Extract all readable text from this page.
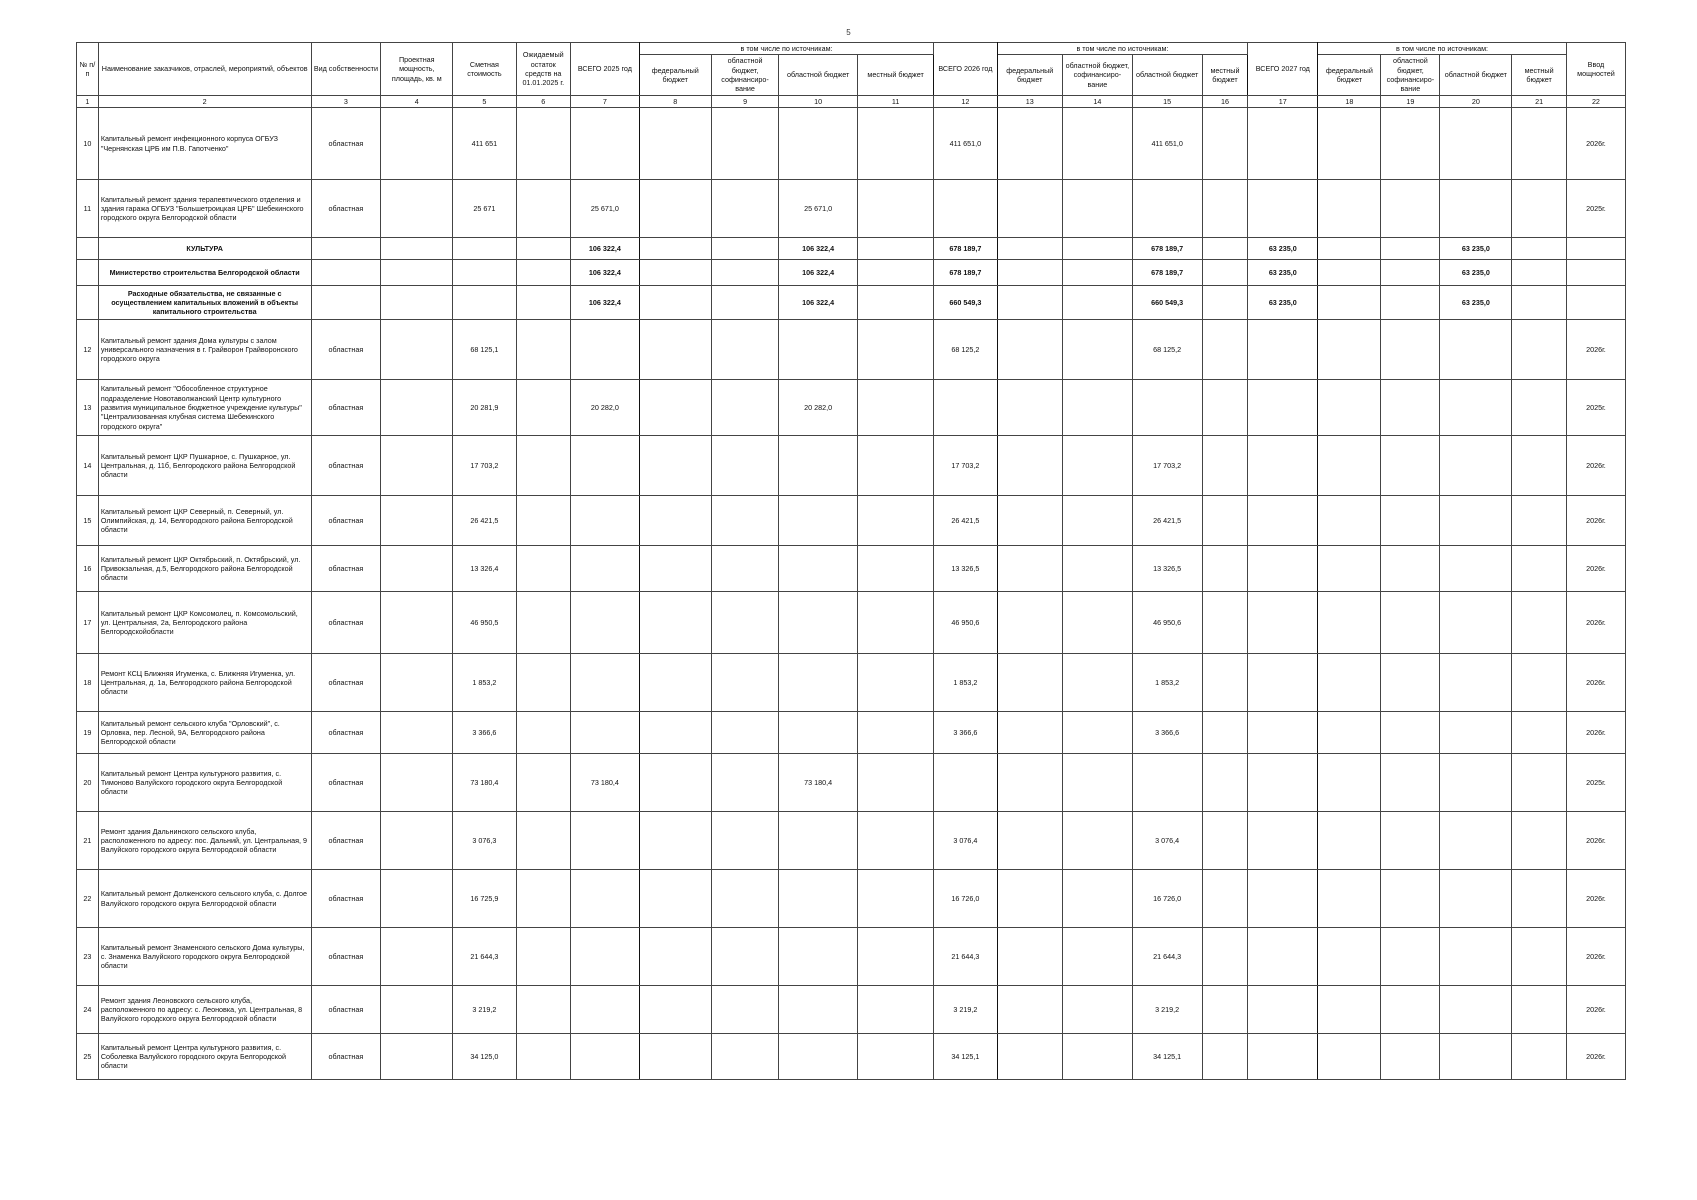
5
№ п/п	Наименование заказчиков, отраслей, мероприятий, объектов	Вид собственности	Проектная мощность, площадь, кв. м	Сметная стоимость	Ожидаемый остаток средств на 01.01.2025 г.	ВСЕГО 2025 год	в том числе по источникам:				ВСЕГО 2026 год	в том числе по источникам:				ВСЕГО 2027 год	в том числе по источникам:				Ввод мощностей
							федеральный бюджет	областной бюджет, софинансиро-вание	областной бюджет	местный бюджет		федеральный бюджет	областной бюджет, софинансиро-вание	областной бюджет	местный бюджет		федеральный бюджет	областной бюджет, софинансиро-вание	областной бюджет	местный бюджет	
1	2	3	4	5	6	7	8	9	10	11	12	13	14	15	16	17	18	19	20	21	22
10	Капитальный ремонт инфекционного корпуса ОГБУЗ "Чернянская ЦРБ им П.В. Гапотченко"	областная		411 651							411 651,0			411 651,0							2026г.
11	Капитальный ремонт здания терапевтического отделения и здания гаража ОГБУЗ "Большетроицкая ЦРБ" Шебекинского городского округа Белгородской области	областная		25 671		25 671,0			25 671,0												2025г.
	КУЛЬТУРА					106 322,4			106 322,4		678 189,7			678 189,7		63 235,0			63 235,0		
	Министерство строительства Белгородской области					106 322,4			106 322,4		678 189,7			678 189,7		63 235,0			63 235,0		
	Расходные обязательства, не связанные с осуществлением капитальных вложений в объекты капитального строительства					106 322,4			106 322,4		660 549,3			660 549,3		63 235,0			63 235,0		
12	Капитальный ремонт здания Дома культуры с залом универсального назначения в г. Грайворон Грайворонского городского округа	областная		68 125,1							68 125,2			68 125,2							2026г.
13	Капитальный ремонт "Обособленное структурное подразделение Новотаволжанский Центр культурного развития муниципальное бюджетное учреждение культуры" "Централизованная клубная система Шебекинского городского округа"	областная		20 281,9		20 282,0			20 282,0												2025г.
14	Капитальный ремонт ЦКР Пушкарное, с. Пушкарное, ул. Центральная, д. 11б, Белгородского района Белгородской области	областная		17 703,2							17 703,2			17 703,2							2026г.
15	Капитальный ремонт ЦКР Северный, п. Северный, ул. Олимпийская, д. 14, Белгородского района Белгородской области	областная		26 421,5							26 421,5			26 421,5							2026г.
16	Капитальный ремонт ЦКР Октябрьский, п. Октябрьский, ул. Привокзальная, д.5, Белгородского района Белгородской области	областная		13 326,4							13 326,5			13 326,5							2026г.
17	Капитальный ремонт ЦКР Комсомолец, п. Комсомольский, ул. Центральная, 2а, Белгородского района Белгородскойобласти	областная		46 950,5							46 950,6			46 950,6							2026г.
18	Ремонт КСЦ Ближняя Игуменка, с. Ближняя Игуменка, ул. Центральная, д. 1а, Белгородского района Белгородской области	областная		1 853,2							1 853,2			1 853,2							2026г.
19	Капитальный ремонт сельского клуба "Орловский", с. Орловка, пер. Лесной, 9А, Белгородского района Белгородской области	областная		3 366,6							3 366,6			3 366,6							2026г.
20	Капитальный ремонт Центра культурного развития, с. Тимоново Валуйского городского округа Белгородской области	областная		73 180,4		73 180,4			73 180,4												2025г.
21	Ремонт здания Дальнинского сельского клуба, расположенного по адресу: пос. Дальний, ул. Центральная, 9 Валуйского городского округа Белгородской области	областная		3 076,3							3 076,4			3 076,4							2026г.
22	Капитальный ремонт Долженского сельского клуба, с. Долгое Валуйского городского округа Белгородской области	областная		16 725,9							16 726,0			16 726,0							2026г.
23	Капитальный ремонт Знаменского сельского Дома культуры, с. Знаменка Валуйского городского округа Белгородской области	областная		21 644,3							21 644,3			21 644,3							2026г.
24	Ремонт здания Леоновского сельского клуба, расположенного по адресу: с. Леоновка, ул. Центральная, 8 Валуйского городского округа Белгородской области	областная		3 219,2							3 219,2			3 219,2							2026г.
25	Капитальный ремонт Центра культурного развития, с. Соболевка Валуйского городского округа Белгородской области	областная		34 125,0							34 125,1			34 125,1							2026г.
